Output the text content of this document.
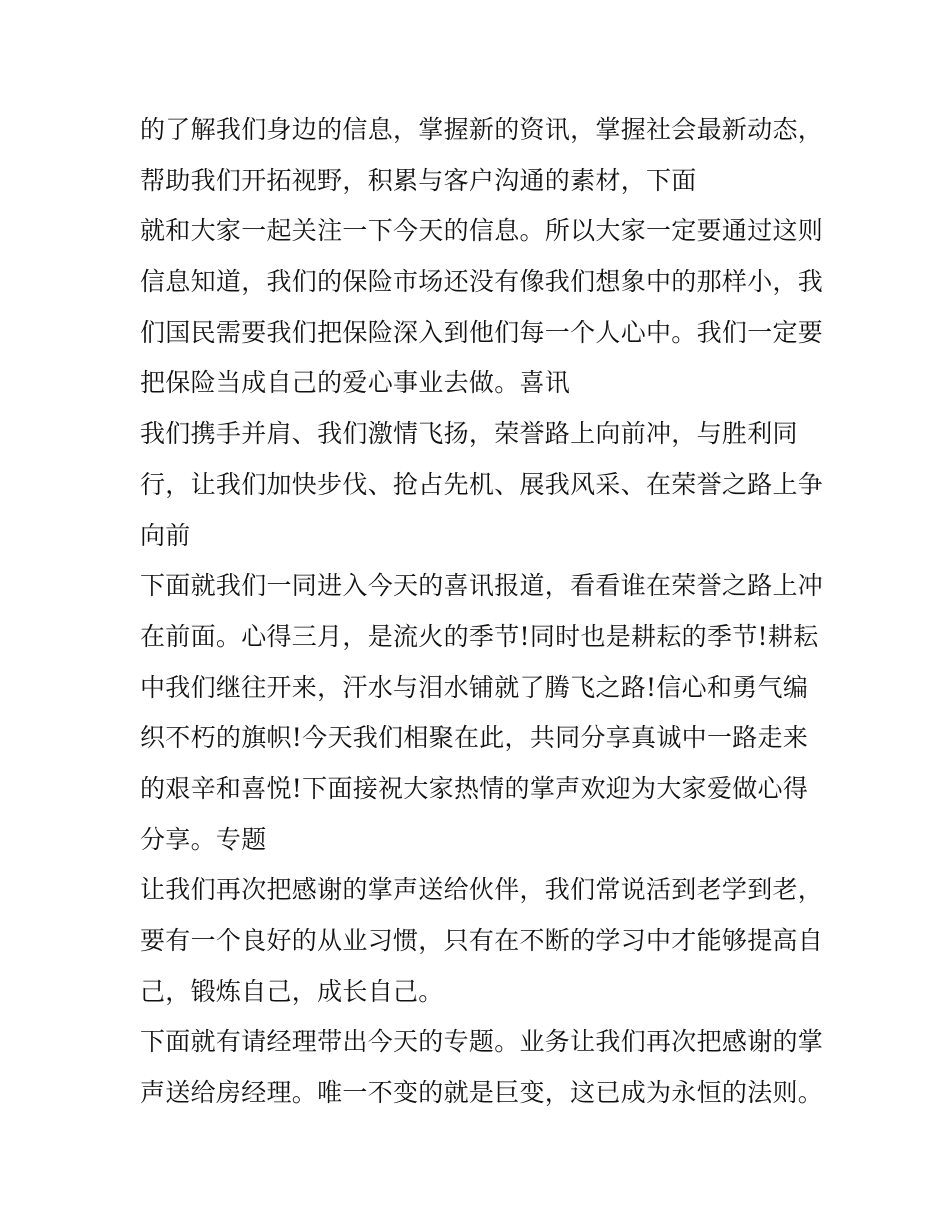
的了解我们身边的信息，掌握新的资讯，掌握社会最新动态，
帮助我们开拓视野，积累与客户沟通的素材，下面
就和大家一起关注一下今天的信息。所以大家一定要通过这则
信息知道，我们的保险市场还没有像我们想象中的那样小，我
们国民需要我们把保险深入到他们每一个人心中。我们一定要
把保险当成自己的爱心事业去做。喜讯
我们携手并肩、我们激情飞扬，荣誉路上向前冲，与胜利同
行，让我们加快步伐、抢占先机、展我风采、在荣誉之路上争
向前
下面就我们一同进入今天的喜讯报道，看看谁在荣誉之路上冲
在前面。心得三月，是流火的季节!同时也是耕耘的季节!耕耘
中我们继往开来，汗水与泪水铺就了腾飞之路!信心和勇气编
织不朽的旗帜!今天我们相聚在此，共同分享真诚中一路走来
的艰辛和喜悦!下面接祝大家热情的掌声欢迎为大家爱做心得
分享。专题
让我们再次把感谢的掌声送给伙伴，我们常说活到老学到老，
要有一个良好的从业习惯，只有在不断的学习中才能够提高自
己，锻炼自己，成长自己。
下面就有请经理带出今天的专题。业务让我们再次把感谢的掌
声送给房经理。唯一不变的就是巨变，这已成为永恒的法则。
